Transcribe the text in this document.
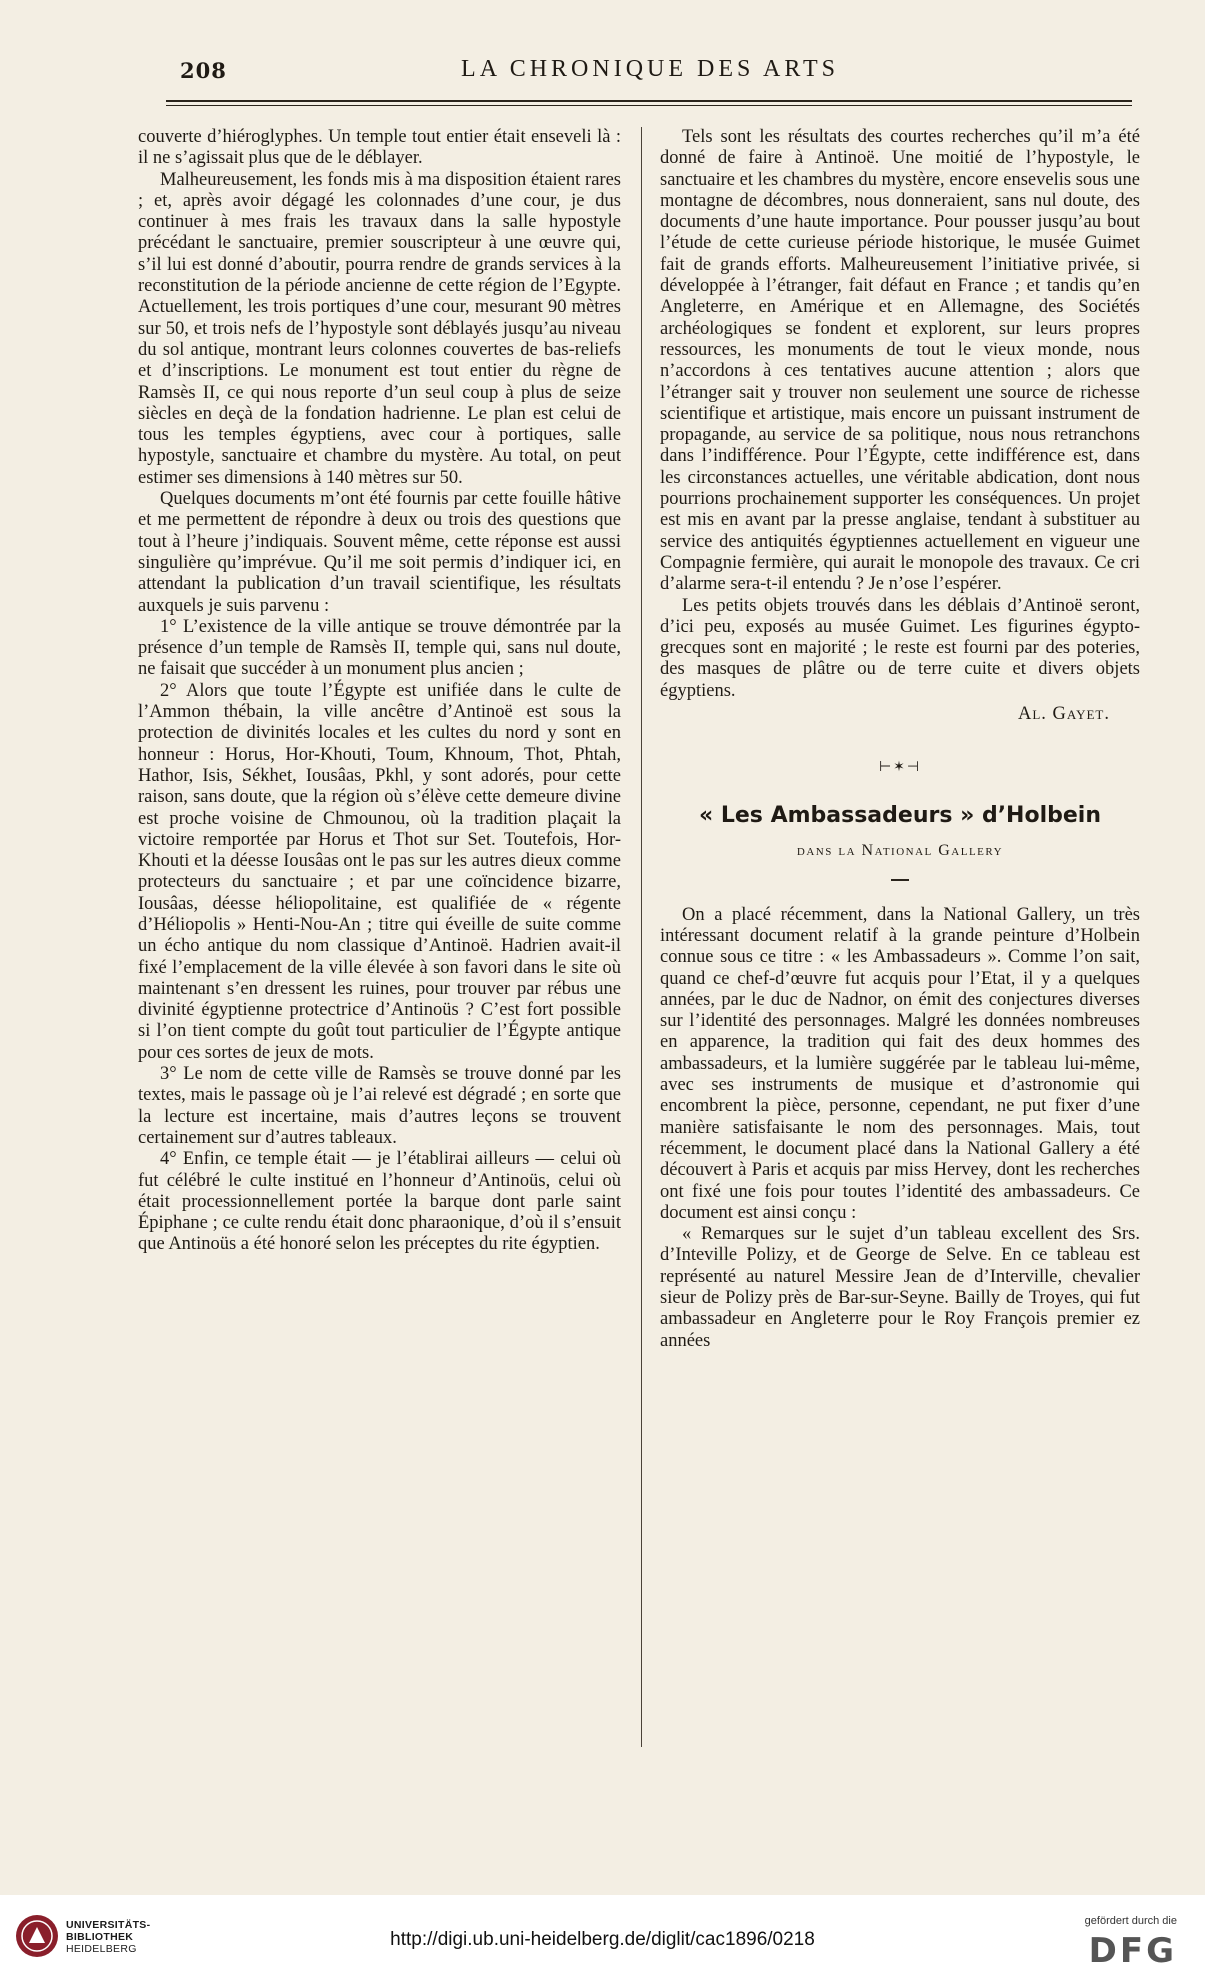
208	LA CHRONIQUE DES ARTS

couverte d’hiéroglyphes. Un temple tout entier était enseveli là : il ne s’agissait plus que de le déblayer.

Malheureusement, les fonds mis à ma disposition étaient rares ; et, après avoir dégagé les colonnades d’une cour, je dus continuer à mes frais les travaux dans la salle hypostyle précédant le sanctuaire, premier souscripteur à une œuvre qui, s’il lui est donné d’aboutir, pourra rendre de grands services à la reconstitution de la période ancienne de cette région de l’Egypte. Actuellement, les trois portiques d’une cour, mesurant 90 mètres sur 50, et trois nefs de l’hypostyle sont déblayés jusqu’au niveau du sol antique, montrant leurs colonnes couvertes de bas-reliefs et d’inscriptions. Le monument est tout entier du règne de Ramsès II, ce qui nous reporte d’un seul coup à plus de seize siècles en deçà de la fondation hadrienne. Le plan est celui de tous les temples égyptiens, avec cour à portiques, salle hypostyle, sanctuaire et chambre du mystère. Au total, on peut estimer ses dimensions à 140 mètres sur 50.

Quelques documents m’ont été fournis par cette fouille hâtive et me permettent de répondre à deux ou trois des questions que tout à l’heure j’indiquais. Souvent même, cette réponse est aussi singulière qu’imprévue. Qu’il me soit permis d’indiquer ici, en attendant la publication d’un travail scientifique, les résultats auxquels je suis parvenu :

1° L’existence de la ville antique se trouve démontrée par la présence d’un temple de Ramsès II, temple qui, sans nul doute, ne faisait que succéder à un monument plus ancien ;

2° Alors que toute l’Égypte est unifiée dans le culte de l’Ammon thébain, la ville ancêtre d’Antinoë est sous la protection de divinités locales et les cultes du nord y sont en honneur : Horus, Hor-Khouti, Toum, Khnoum, Thot, Phtah, Hathor, Isis, Sékhet, Iousâas, Pkhl, y sont adorés, pour cette raison, sans doute, que la région où s’élève cette demeure divine est proche voisine de Chmounou, où la tradition plaçait la victoire remportée par Horus et Thot sur Set. Toutefois, Hor-Khouti et la déesse Iousâas ont le pas sur les autres dieux comme protecteurs du sanctuaire ; et par une coïncidence bizarre, Iousâas, déesse héliopolitaine, est qualifiée de « régente d’Héliopolis » Henti-Nou-An ; titre qui éveille de suite comme un écho antique du nom classique d’Antinoë. Hadrien avait-il fixé l’emplacement de la ville élevée à son favori dans le site où maintenant s’en dressent les ruines, pour trouver par rébus une divinité égyptienne protectrice d’Antinoüs ? C’est fort possible si l’on tient compte du goût tout particulier de l’Égypte antique pour ces sortes de jeux de mots.

3° Le nom de cette ville de Ramsès se trouve donné par les textes, mais le passage où je l’ai relevé est dégradé ; en sorte que la lecture est incertaine, mais d’autres leçons se trouvent certainement sur d’autres tableaux.

4° Enfin, ce temple était — je l’établirai ailleurs — celui où fut célébré le culte institué en l’honneur d’Antinoüs, celui où était processionnellement portée la barque dont parle saint Épiphane ; ce culte rendu était donc pharaonique, d’où il s’ensuit que Antinoüs a été honoré selon les préceptes du rite égyptien.

Tels sont les résultats des courtes recherches qu’il m’a été donné de faire à Antinoë. Une moitié de l’hypostyle, le sanctuaire et les chambres du mystère, encore ensevelis sous une montagne de décombres, nous donneraient, sans nul doute, des documents d’une haute importance. Pour pousser jusqu’au bout l’étude de cette curieuse période historique, le musée Guimet fait de grands efforts. Malheureusement l’initiative privée, si développée à l’étranger, fait défaut en France ; et tandis qu’en Angleterre, en Amérique et en Allemagne, des Sociétés archéologiques se fondent et explorent, sur leurs propres ressources, les monuments de tout le vieux monde, nous n’accordons à ces tentatives aucune attention ; alors que l’étranger sait y trouver non seulement une source de richesse scientifique et artistique, mais encore un puissant instrument de propagande, au service de sa politique, nous nous retranchons dans l’indifférence. Pour l’Égypte, cette indifférence est, dans les circonstances actuelles, une véritable abdication, dont nous pourrions prochainement supporter les conséquences. Un projet est mis en avant par la presse anglaise, tendant à substituer au service des antiquités égyptiennes actuellement en vigueur une Compagnie fermière, qui aurait le monopole des travaux. Ce cri d’alarme sera-t-il entendu ? Je n’ose l’espérer.

Les petits objets trouvés dans les déblais d’Antinoë seront, d’ici peu, exposés au musée Guimet. Les figurines égypto-grecques sont en majorité ; le reste est fourni par des poteries, des masques de plâtre ou de terre cuite et divers objets égyptiens.

Al. Gayet.
⊢✶⊣
« Les Ambassadeurs » d’Holbein
dans la National Gallery

On a placé récemment, dans la National Gallery, un très intéressant document relatif à la grande peinture d’Holbein connue sous ce titre : « les Ambassadeurs ». Comme l’on sait, quand ce chef-d’œuvre fut acquis pour l’Etat, il y a quelques années, par le duc de Nadnor, on émit des conjectures diverses sur l’identité des personnages. Malgré les données nombreuses en apparence, la tradition qui fait des deux hommes des ambassadeurs, et la lumière suggérée par le tableau lui-même, avec ses instruments de musique et d’astronomie qui encombrent la pièce, personne, cependant, ne put fixer d’une manière satisfaisante le nom des personnages. Mais, tout récemment, le document placé dans la National Gallery a été découvert à Paris et acquis par miss Hervey, dont les recherches ont fixé une fois pour toutes l’identité des ambassadeurs. Ce document est ainsi conçu :

« Remarques sur le sujet d’un tableau excellent des Srs. d’Inteville Polizy, et de George de Selve. En ce tableau est représenté au naturel Messire Jean de d’Interville, chevalier sieur de Polizy près de Bar-sur-Seyne. Bailly de Troyes, qui fut ambassadeur en Angleterre pour le Roy François premier ez années

UNIVERSITÄTS-
BIBLIOTHEK
HEIDELBERG	http://digi.ub.uni-heidelberg.de/diglit/cac1896/0218
gefördert durch die
DFG
